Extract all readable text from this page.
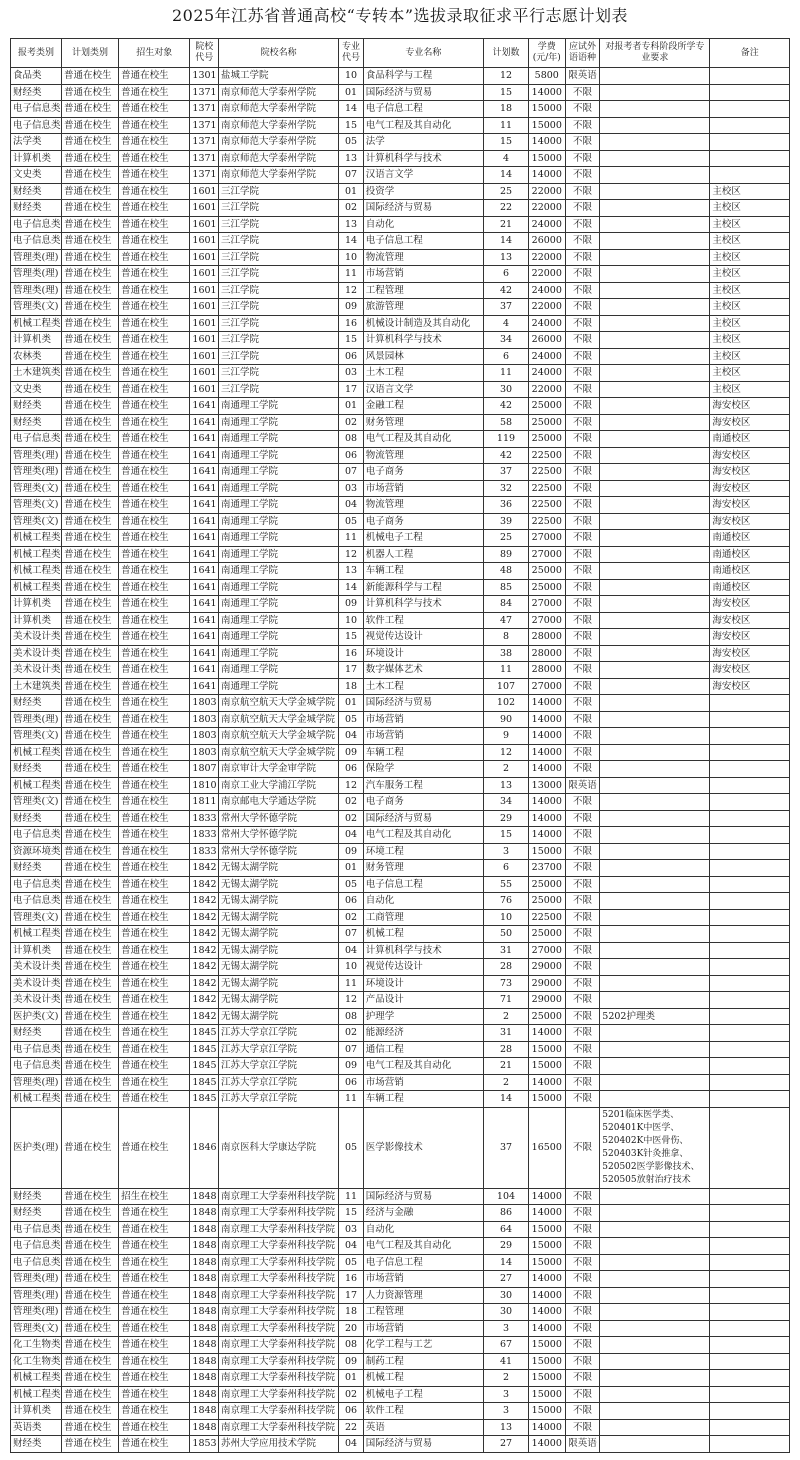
2025年江苏省普通高校“专转本”选拔录取征求平行志愿计划表
报考类别	计划类别	招生对象	院校代号	院校名称	专业代号	专业名称	计划数	学费(元/年)	应试外语语种	对报考者专科阶段所学专业要求	备注
食品类	普通在校生	普通在校生	1301	盐城工学院	10	食品科学与工程	12	5800	限英语		
财经类	普通在校生	普通在校生	1371	南京师范大学泰州学院	01	国际经济与贸易	15	14000	不限		
电子信息类	普通在校生	普通在校生	1371	南京师范大学泰州学院	14	电子信息工程	18	15000	不限		
电子信息类	普通在校生	普通在校生	1371	南京师范大学泰州学院	15	电气工程及其自动化	11	15000	不限		
法学类	普通在校生	普通在校生	1371	南京师范大学泰州学院	05	法学	15	14000	不限		
计算机类	普通在校生	普通在校生	1371	南京师范大学泰州学院	13	计算机科学与技术	4	15000	不限		
文史类	普通在校生	普通在校生	1371	南京师范大学泰州学院	07	汉语言文学	14	14000	不限		
财经类	普通在校生	普通在校生	1601	三江学院	01	投资学	25	22000	不限		主校区
财经类	普通在校生	普通在校生	1601	三江学院	02	国际经济与贸易	22	22000	不限		主校区
电子信息类	普通在校生	普通在校生	1601	三江学院	13	自动化	21	24000	不限		主校区
电子信息类	普通在校生	普通在校生	1601	三江学院	14	电子信息工程	14	26000	不限		主校区
管理类(理)	普通在校生	普通在校生	1601	三江学院	10	物流管理	13	22000	不限		主校区
管理类(理)	普通在校生	普通在校生	1601	三江学院	11	市场营销	6	22000	不限		主校区
管理类(理)	普通在校生	普通在校生	1601	三江学院	12	工程管理	42	24000	不限		主校区
管理类(文)	普通在校生	普通在校生	1601	三江学院	09	旅游管理	37	22000	不限		主校区
机械工程类	普通在校生	普通在校生	1601	三江学院	16	机械设计制造及其自动化	4	24000	不限		主校区
计算机类	普通在校生	普通在校生	1601	三江学院	15	计算机科学与技术	34	26000	不限		主校区
农林类	普通在校生	普通在校生	1601	三江学院	06	风景园林	6	24000	不限		主校区
土木建筑类	普通在校生	普通在校生	1601	三江学院	03	土木工程	11	24000	不限		主校区
文史类	普通在校生	普通在校生	1601	三江学院	17	汉语言文学	30	22000	不限		主校区
财经类	普通在校生	普通在校生	1641	南通理工学院	01	金融工程	42	25000	不限		海安校区
财经类	普通在校生	普通在校生	1641	南通理工学院	02	财务管理	58	25000	不限		海安校区
电子信息类	普通在校生	普通在校生	1641	南通理工学院	08	电气工程及其自动化	119	25000	不限		南通校区
管理类(理)	普通在校生	普通在校生	1641	南通理工学院	06	物流管理	42	22500	不限		海安校区
管理类(理)	普通在校生	普通在校生	1641	南通理工学院	07	电子商务	37	22500	不限		海安校区
管理类(文)	普通在校生	普通在校生	1641	南通理工学院	03	市场营销	32	22500	不限		海安校区
管理类(文)	普通在校生	普通在校生	1641	南通理工学院	04	物流管理	36	22500	不限		海安校区
管理类(文)	普通在校生	普通在校生	1641	南通理工学院	05	电子商务	39	22500	不限		海安校区
机械工程类	普通在校生	普通在校生	1641	南通理工学院	11	机械电子工程	25	27000	不限		南通校区
机械工程类	普通在校生	普通在校生	1641	南通理工学院	12	机器人工程	89	27000	不限		南通校区
机械工程类	普通在校生	普通在校生	1641	南通理工学院	13	车辆工程	48	25000	不限		南通校区
机械工程类	普通在校生	普通在校生	1641	南通理工学院	14	新能源科学与工程	85	25000	不限		南通校区
计算机类	普通在校生	普通在校生	1641	南通理工学院	09	计算机科学与技术	84	27000	不限		海安校区
计算机类	普通在校生	普通在校生	1641	南通理工学院	10	软件工程	47	27000	不限		海安校区
美术设计类	普通在校生	普通在校生	1641	南通理工学院	15	视觉传达设计	8	28000	不限		海安校区
美术设计类	普通在校生	普通在校生	1641	南通理工学院	16	环境设计	38	28000	不限		海安校区
美术设计类	普通在校生	普通在校生	1641	南通理工学院	17	数字媒体艺术	11	28000	不限		海安校区
土木建筑类	普通在校生	普通在校生	1641	南通理工学院	18	土木工程	107	27000	不限		海安校区
财经类	普通在校生	普通在校生	1803	南京航空航天大学金城学院	01	国际经济与贸易	102	14000	不限		
管理类(理)	普通在校生	普通在校生	1803	南京航空航天大学金城学院	05	市场营销	90	14000	不限		
管理类(文)	普通在校生	普通在校生	1803	南京航空航天大学金城学院	04	市场营销	9	14000	不限		
机械工程类	普通在校生	普通在校生	1803	南京航空航天大学金城学院	09	车辆工程	12	14000	不限		
财经类	普通在校生	普通在校生	1807	南京审计大学金审学院	06	保险学	2	14000	不限		
机械工程类	普通在校生	普通在校生	1810	南京工业大学浦江学院	12	汽车服务工程	13	13000	限英语		
管理类(文)	普通在校生	普通在校生	1811	南京邮电大学通达学院	02	电子商务	34	14000	不限		
财经类	普通在校生	普通在校生	1833	常州大学怀德学院	02	国际经济与贸易	29	14000	不限		
电子信息类	普通在校生	普通在校生	1833	常州大学怀德学院	04	电气工程及其自动化	15	14000	不限		
资源环境类	普通在校生	普通在校生	1833	常州大学怀德学院	09	环境工程	3	15000	不限		
财经类	普通在校生	普通在校生	1842	无锡太湖学院	01	财务管理	6	23700	不限		
电子信息类	普通在校生	普通在校生	1842	无锡太湖学院	05	电子信息工程	55	25000	不限		
电子信息类	普通在校生	普通在校生	1842	无锡太湖学院	06	自动化	76	25000	不限		
管理类(文)	普通在校生	普通在校生	1842	无锡太湖学院	02	工商管理	10	22500	不限		
机械工程类	普通在校生	普通在校生	1842	无锡太湖学院	07	机械工程	50	25000	不限		
计算机类	普通在校生	普通在校生	1842	无锡太湖学院	04	计算机科学与技术	31	27000	不限		
美术设计类	普通在校生	普通在校生	1842	无锡太湖学院	10	视觉传达设计	28	29000	不限		
美术设计类	普通在校生	普通在校生	1842	无锡太湖学院	11	环境设计	73	29000	不限		
美术设计类	普通在校生	普通在校生	1842	无锡太湖学院	12	产品设计	71	29000	不限		
医护类(文)	普通在校生	普通在校生	1842	无锡太湖学院	08	护理学	2	25000	不限	5202护理类	
财经类	普通在校生	普通在校生	1845	江苏大学京江学院	02	能源经济	31	14000	不限		
电子信息类	普通在校生	普通在校生	1845	江苏大学京江学院	07	通信工程	28	15000	不限		
电子信息类	普通在校生	普通在校生	1845	江苏大学京江学院	09	电气工程及其自动化	21	15000	不限		
管理类(理)	普通在校生	普通在校生	1845	江苏大学京江学院	06	市场营销	2	14000	不限		
机械工程类	普通在校生	普通在校生	1845	江苏大学京江学院	11	车辆工程	14	15000	不限		
医护类(理)	普通在校生	普通在校生	1846	南京医科大学康达学院	05	医学影像技术	37	16500	不限	5201临床医学类、520401K中医学、520402K中医骨伤、520403K针灸推拿、520502医学影像技术、520505放射治疗技术	
财经类	普通在校生	招生在校生	1848	南京理工大学泰州科技学院	11	国际经济与贸易	104	14000	不限		
财经类	普通在校生	普通在校生	1848	南京理工大学泰州科技学院	15	经济与金融	86	14000	不限		
电子信息类	普通在校生	普通在校生	1848	南京理工大学泰州科技学院	03	自动化	64	15000	不限		
电子信息类	普通在校生	普通在校生	1848	南京理工大学泰州科技学院	04	电气工程及其自动化	29	15000	不限		
电子信息类	普通在校生	普通在校生	1848	南京理工大学泰州科技学院	05	电子信息工程	14	15000	不限		
管理类(理)	普通在校生	普通在校生	1848	南京理工大学泰州科技学院	16	市场营销	27	14000	不限		
管理类(理)	普通在校生	普通在校生	1848	南京理工大学泰州科技学院	17	人力资源管理	30	14000	不限		
管理类(理)	普通在校生	普通在校生	1848	南京理工大学泰州科技学院	18	工程管理	30	14000	不限		
管理类(文)	普通在校生	普通在校生	1848	南京理工大学泰州科技学院	20	市场营销	3	14000	不限		
化工生物类	普通在校生	普通在校生	1848	南京理工大学泰州科技学院	08	化学工程与工艺	67	15000	不限		
化工生物类	普通在校生	普通在校生	1848	南京理工大学泰州科技学院	09	制药工程	41	15000	不限		
机械工程类	普通在校生	普通在校生	1848	南京理工大学泰州科技学院	01	机械工程	2	15000	不限		
机械工程类	普通在校生	普通在校生	1848	南京理工大学泰州科技学院	02	机械电子工程	3	15000	不限		
计算机类	普通在校生	普通在校生	1848	南京理工大学泰州科技学院	06	软件工程	3	15000	不限		
英语类	普通在校生	普通在校生	1848	南京理工大学泰州科技学院	22	英语	13	14000	不限		
财经类	普通在校生	普通在校生	1853	苏州大学应用技术学院	04	国际经济与贸易	27	14000	限英语		
